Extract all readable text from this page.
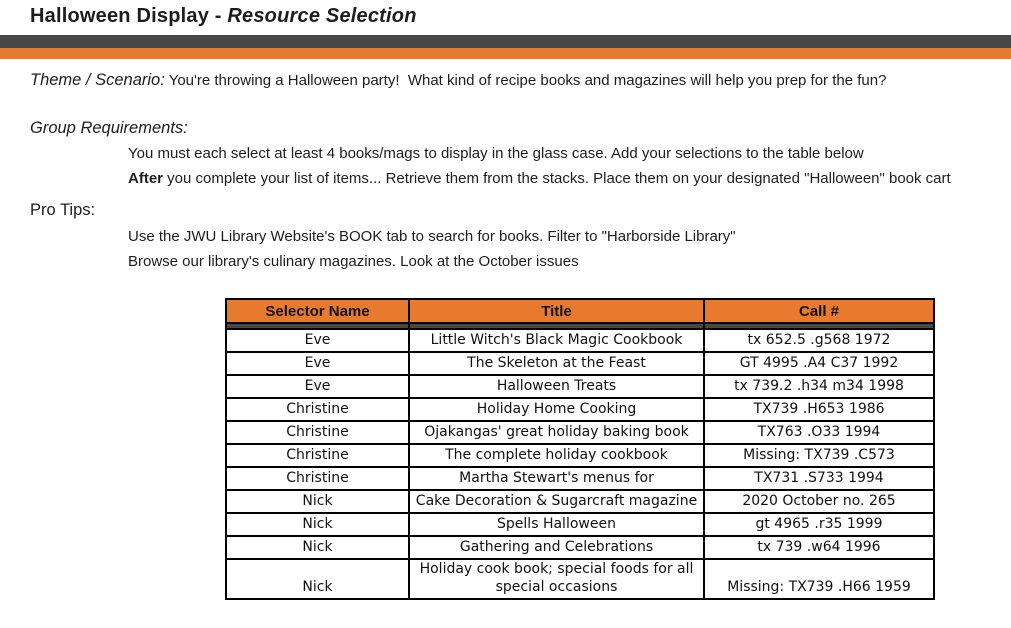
Halloween Display - Resource Selection

Theme / Scenario: You're throwing a Halloween party!  What kind of recipe books and magazines will help you prep for the fun?

Group Requirements:

You must each select at least 4 books/mags to display in the glass case. Add your selections to the table below

After you complete your list of items... Retrieve them from the stacks. Place them on your designated "Halloween" book cart

Pro Tips:

Use the JWU Library Website's BOOK tab to search for books. Filter to "Harborside Library"

Browse our library's culinary magazines. Look at the October issues

Selector Name	Title	Call #

Eve	Little Witch's Black Magic Cookbook	tx 652.5 .g568 1972
Eve	The Skeleton at the Feast	GT 4995 .A4 C37 1992
Eve	Halloween Treats	tx 739.2 .h34 m34 1998
Christine	Holiday Home Cooking	TX739 .H653 1986
Christine	Ojakangas' great holiday baking book	TX763 .O33 1994
Christine	The complete holiday cookbook	Missing: TX739 .C573
Christine	Martha Stewart's menus for	TX731 .S733 1994
Nick	Cake Decoration & Sugarcraft magazine	2020 October no. 265
Nick	Spells Halloween	gt 4965 .r35 1999
Nick	Gathering and Celebrations	tx 739 .w64 1996
Nick	Holiday cook book; special foods for all special occasions	Missing: TX739 .H66 1959
